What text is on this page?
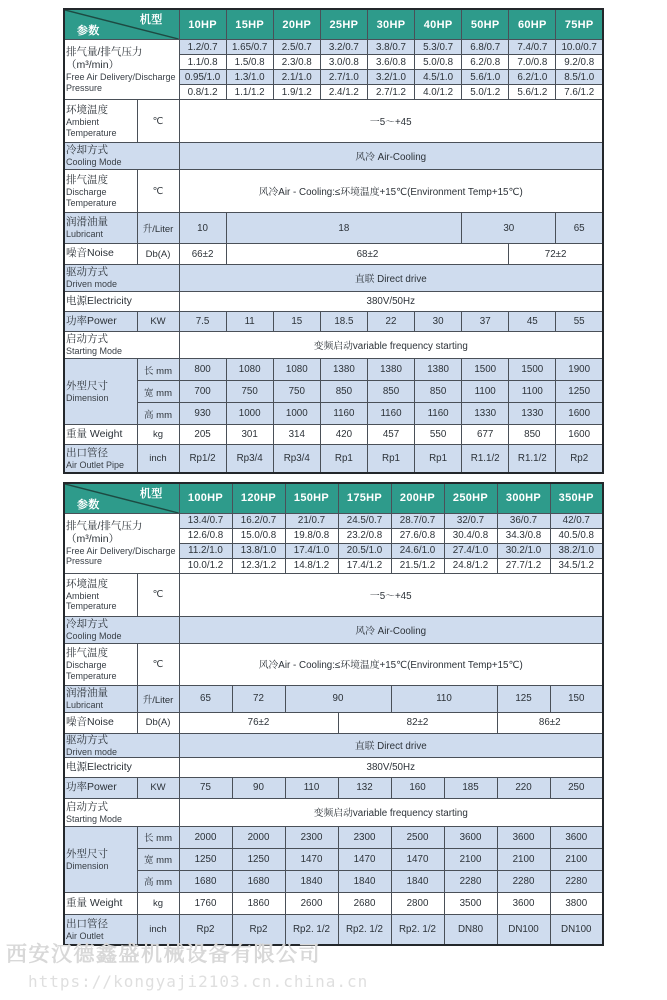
机型
参数		10HP	15HP	20HP	25HP	30HP	40HP	50HP	60HP	75HP

排气量/排气压力（m³/min）
Free Air Delivery/Discharge Pressure		1.2/0.7	1.65/0.7	2.5/0.7	3.2/0.7	3.8/0.7	5.3/0.7	6.8/0.7	7.4/0.7	10.0/0.7
		1.1/0.8	1.5/0.8	2.3/0.8	3.0/0.8	3.6/0.8	5.0/0.8	6.2/0.8	7.0/0.8	9.2/0.8
		0.95/1.0	1.3/1.0	2.1/1.0	2.7/1.0	3.2/1.0	4.5/1.0	5.6/1.0	6.2/1.0	8.5/1.0
		0.8/1.2	1.1/1.2	1.9/1.2	2.4/1.2	2.7/1.2	4.0/1.2	5.0/1.2	5.6/1.2	7.6/1.2

环境温度
Ambient Temperature	℃	一5～+45								

冷却方式
Cooling Mode		风冷 Air-Cooling								

排气温度
Discharge Temperature	℃	风冷Air - Cooling:≤环境温度+15℃(Environment Temp+15℃)								

润滑油量
Lubricant	升/Liter	10	18					30		65

噪音Noise	Db(A)	66±2	68±2						72±2	

驱动方式
Driven mode		直联 Direct drive								

电源Electricity		380V/50Hz								

功率Power	KW	7.5	11	15	18.5	22	30	37	45	55

启动方式
Starting Mode		变频启动variable frequency starting								

外型尺寸
Dimension	长 mm	800	1080	1080	1380	1380	1380	1500	1500	1900
	宽 mm	700	750	750	850	850	850	1100	1100	1250
	高 mm	930	1000	1000	1160	1160	1160	1330	1330	1600

重量 Weight	kg	205	301	314	420	457	550	677	850	1600

出口管径
Air Outlet Pipe	inch	Rp1/2	Rp3/4	Rp3/4	Rp1	Rp1	Rp1	R1.1/2	R1.1/2	Rp2
机型
参数		100HP	120HP	150HP	175HP	200HP	250HP	300HP	350HP

排气量/排气压力（m³/min）
Free Air Delivery/Discharge Pressure		13.4/0.7	16.2/0.7	21/0.7	24.5/0.7	28.7/0.7	32/0.7	36/0.7	42/0.7
		12.6/0.8	15.0/0.8	19.8/0.8	23.2/0.8	27.6/0.8	30.4/0.8	34.3/0.8	40.5/0.8
		11.2/1.0	13.8/1.0	17.4/1.0	20.5/1.0	24.6/1.0	27.4/1.0	30.2/1.0	38.2/1.0
		10.0/1.2	12.3/1.2	14.8/1.2	17.4/1.2	21.5/1.2	24.8/1.2	27.7/1.2	34.5/1.2

环境温度
Ambient Temperature	℃	一5～+45							

冷却方式
Cooling Mode		风冷 Air-Cooling							

排气温度
Discharge Temperature	℃	风冷Air - Cooling:≤环境温度+15℃(Environment Temp+15℃)							

润滑油量
Lubricant	升/Liter	65	72	90		110		125	150

噪音Noise	Db(A)	76±2			82±2			86±2	

驱动方式
Driven mode		直联 Direct drive							

电源Electricity		380V/50Hz							

功率Power	KW	75	90	110	132	160	185	220	250

启动方式
Starting Mode		变频启动variable frequency starting							

外型尺寸
Dimension	长 mm	2000	2000	2300	2300	2500	3600	3600	3600
	宽 mm	1250	1250	1470	1470	1470	2100	2100	2100
	高 mm	1680	1680	1840	1840	1840	2280	2280	2280

重量 Weight	kg	1760	1860	2600	2680	2800	3500	3600	3800

出口管径
Air Outlet	inch	Rp2	Rp2	Rp2. 1/2	Rp2. 1/2	Rp2. 1/2	DN80	DN100	DN100
西安汉德鑫盛机械设备有限公司
https://kongyaji2103.cn.china.cn
